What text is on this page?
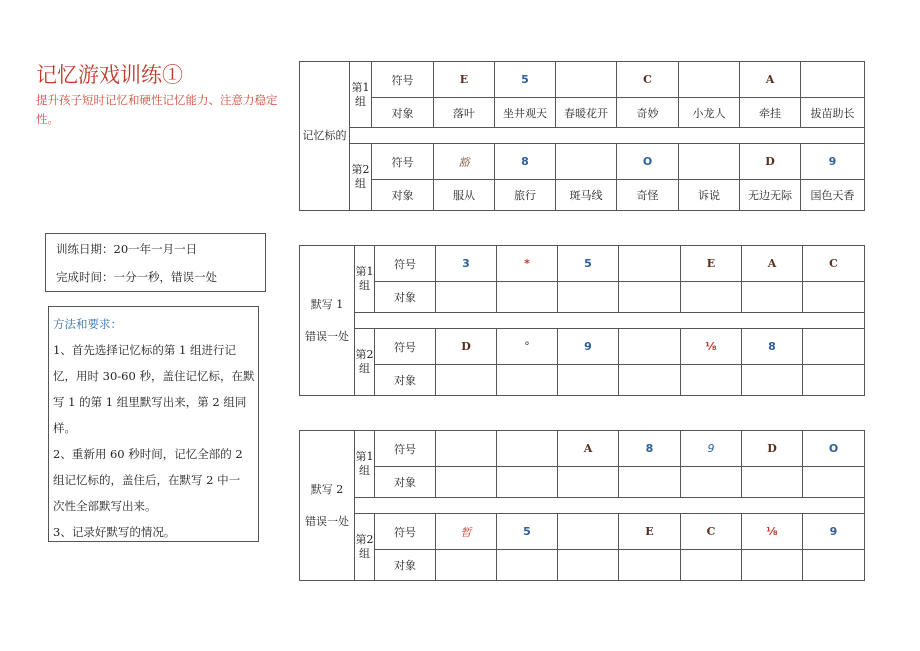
记忆游戏训练①
提升孩子短时记忆和硬性记忆能力、注意力稳定性。
训练日期：20一年一月一日
完成时间：一分一秒，错误一处
方法和要求：
1、首先选择记忆标的第 1 组进行记
忆，用时 30-60 秒，盖住记忆标，在默
写 1 的第 1 组里默写出来，第 2 组同
样。
2、重新用 60 秒时间，记忆全部的 2
组记忆标的，盖住后，在默写 2 中一
次性全部默写出来。
3、记录好默写的情况。
记忆标的	第1组	符号	E	5		C		A	
		对象	落叶	坐井观天	春暖花开	奇妙	小龙人	牵挂	拔苗助长

	第2组	符号	豁	8		O		D	9
		对象	服从	旅行	斑马线	奇怪	诉说	无边无际	国色天香
默写 1

错误一处	第1组	符号	3	*	5		E	A	C
		对象							

	第2组	符号	D	°	9		⅛	8	
		对象							
默写 2

错误一处	第1组	符号			A	8	9	D	O
		对象							

	第2组	符号	暂	5		E	C	⅛	9
		对象							
